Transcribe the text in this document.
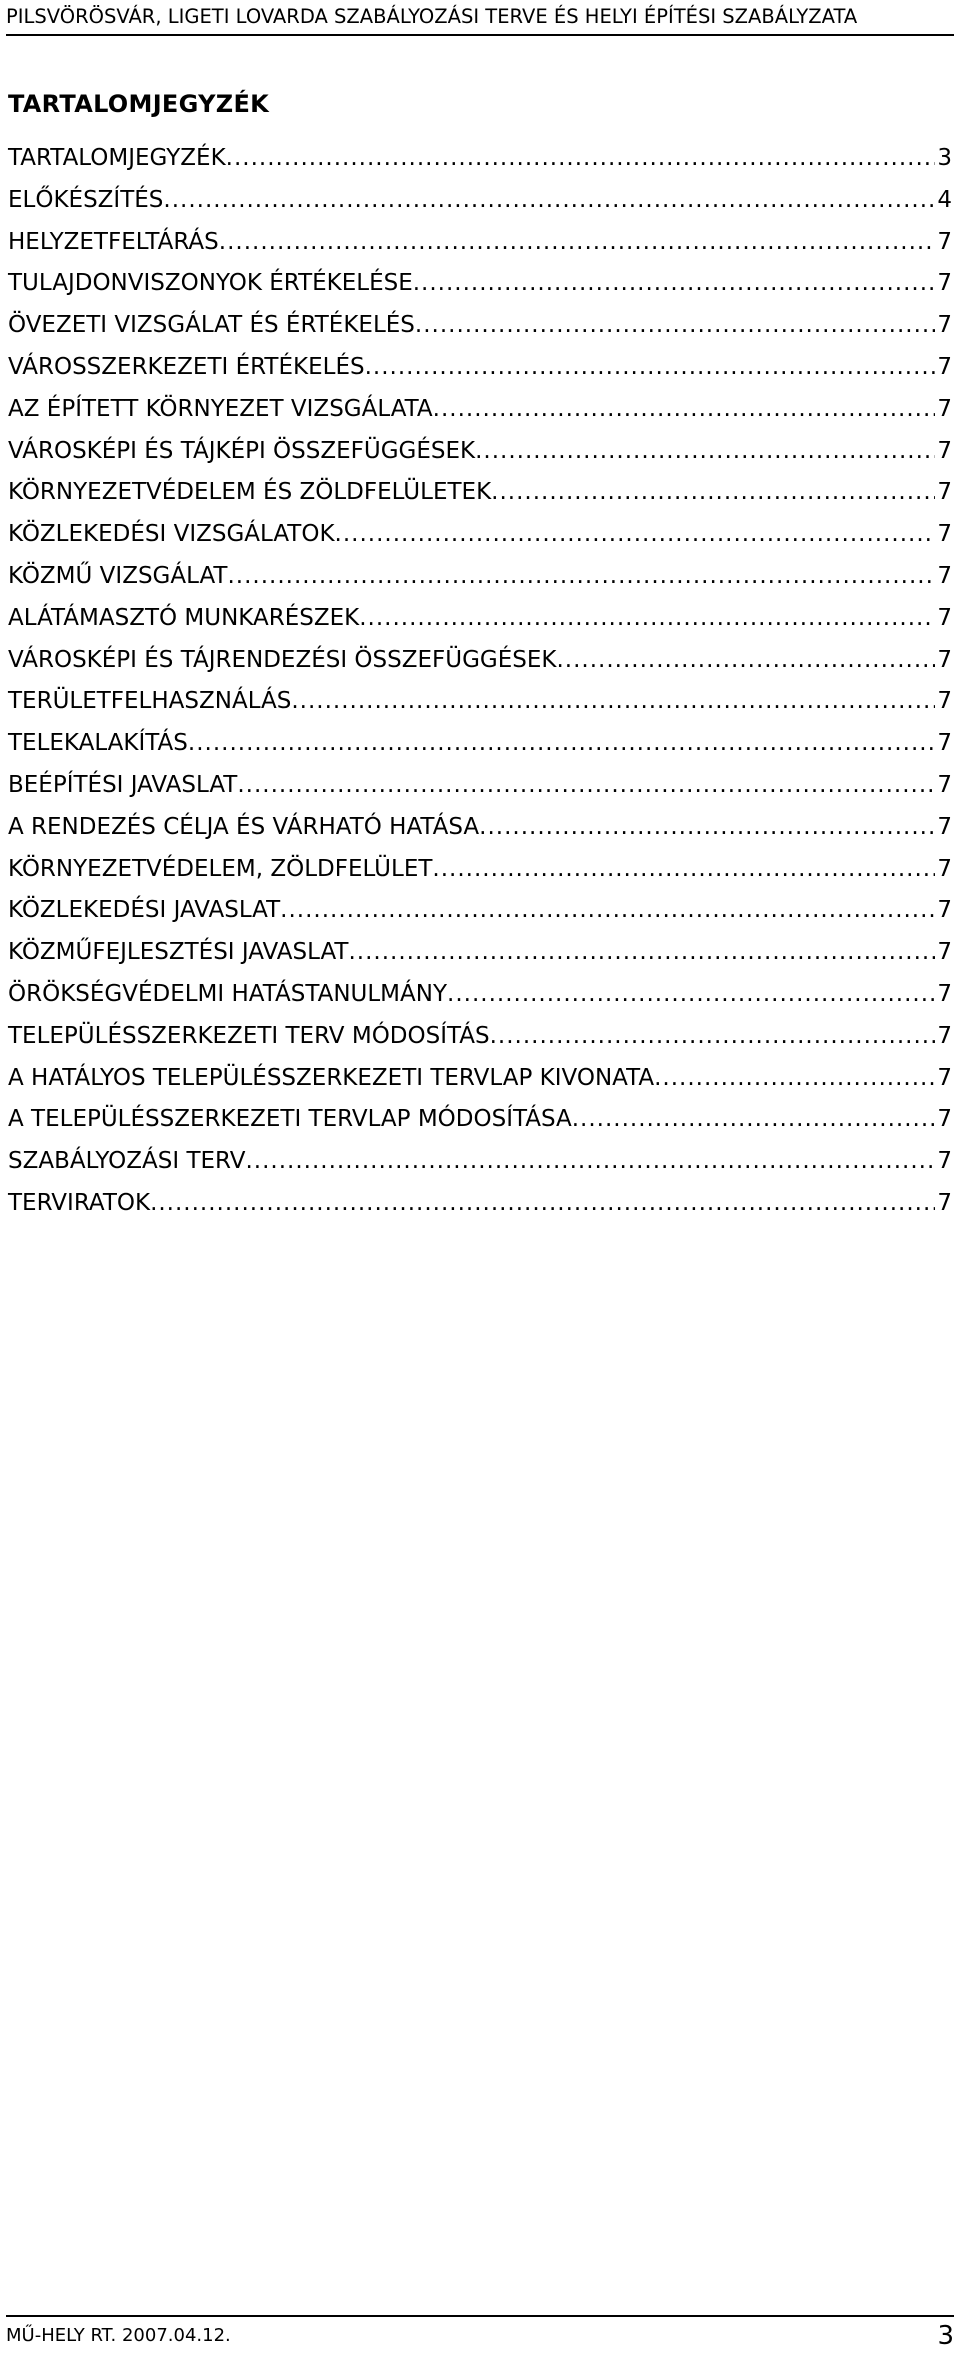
PILSVÖRÖSVÁR, LIGETI LOVARDA SZABÁLYOZÁSI TERVE ÉS HELYI ÉPÍTÉSI SZABÁLYZATA
TARTALOMJEGYZÉK
TARTALOMJEGYZÉK .....	3
ELŐKÉSZÍTÉS .....	4
HELYZETFELTÁRÁS .....	7
TULAJDONVISZONYOK ÉRTÉKELÉSE .....	7
ÖVEZETI VIZSGÁLAT ÉS ÉRTÉKELÉS .....	7
VÁROSSZERKEZETI ÉRTÉKELÉS .....	7
AZ ÉPÍTETT KÖRNYEZET VIZSGÁLATA .....	7
VÁROSKÉPI ÉS TÁJKÉPI ÖSSZEFÜGGÉSEK .....	7
KÖRNYEZETVÉDELEM ÉS ZÖLDFELÜLETEK .....	7
KÖZLEKEDÉSI VIZSGÁLATOK .....	7
KÖZMŰ VIZSGÁLAT .....	7
ALÁTÁMASZTÓ MUNKARÉSZEK .....	7
VÁROSKÉPI ÉS TÁJRENDEZÉSI ÖSSZEFÜGGÉSEK .....	7
TERÜLETFELHASZNÁLÁS .....	7
TELEKALAKÍTÁS .....	7
BEÉPÍTÉSI JAVASLAT .....	7
A RENDEZÉS CÉLJA ÉS VÁRHATÓ HATÁSA .....	7
KÖRNYEZETVÉDELEM, ZÖLDFELÜLET .....	7
KÖZLEKEDÉSI JAVASLAT .....	7
KÖZMŰFEJLESZTÉSI JAVASLAT .....	7
ÖRÖKSÉGVÉDELMI HATÁSTANULMÁNY .....	7
TELEPÜLÉSSZERKEZETI TERV MÓDOSÍTÁS .....	7
A HATÁLYOS TELEPÜLÉSSZERKEZETI TERVLAP KIVONATA .....	7
A TELEPÜLÉSSZERKEZETI TERVLAP MÓDOSÍTÁSA .....	7
SZABÁLYOZÁSI TERV .....	7
TERVIRATOK .....	7
MŰ-HELY RT. 2007.04.12.	3
